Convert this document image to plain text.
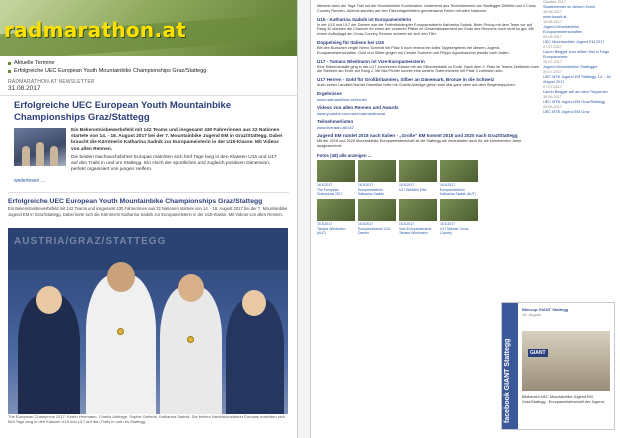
radmarathon.at
Aktuelle Termine
Erfolgreiche UEC European Youth Mountainbike Championships Graz/Stattegg
RADMARATHON.AT NEWSLETTER
31.08.2017
Erfolgreiche UEC European Youth Mountainbike Championships Graz/Stattegg
Ein Bekenntnisbewerbsfeld mit 142 Teams und insgesamt 430 Fahrerinnen aus 22 Nationen startete von 14. - 18. August 2017 bei der 7. Mountainbike Jugend EM in Graz/Stattegg. Dabei braucht die Kärntnerin Katharina Sadnik zur Europameisterin in der U15-Klasse. Mit Videos von allen Rennen.
Die beiden Nachwuchsfahrer Europas matchten sich fünf Tage lang in den Klassen U15 und U17 auf den Trails in und um Stattegg. Ein Hoch der sportlichen und zugleich positiven Dimension, perfekt organisiert von jungen Helfern.
weiterlesen ...
Erfolgreiche UEC European Youth Mountainbike Championships Graz/Stattegg
Ein Bekenntnisbewerbsfeld mit 142 Teams und insgesamt 430 Fahrerinnen aus 22 Nationen startete von 14. - 18. August 2017 bei der 7. Mountainbike Jugend EM in Graz/Stattegg. Dabei kürte sich die Kärntnerin Katharina Sadnik zur Europameisterin in der U15-Klasse. Mit Videos von allen Rennen.
AUSTRIA/GRAZ/STATTEGG
The European Champions 2017: Kerrin Herrmann, Charlie Aldridge, Sophie Gebens, Katharina Sadnik. Die beiden Nachwuchsfahrer Europas matchten sich fünf Tage lang in den Klassen U15 und U17 auf den Trails in und um Stattegg.
Mitverst dann der Tage Trail mit der Mountainbike Kombination, bestehend aus Technikbewerb am Stattegger Dirtfield und 4 Cross Country Rennen. Abends standen auf den Fahrerlagerfeldern gemeinsame Feiern mit allen Nationen.
U15 - Katharina Sadnik ist Europameisterin
In der U15 und U17 der Damen war der Freiheitskämpfer Europameisterin Katharina Sadnik. Beim Prolog mit dem Team vor auf Rang 32 standen die Chancen für einen der vorderen Plätze im Gesamtklassement am Ende des Rennens noch nicht so gut. Mit einem Aufholjagd am Cross Country Rennen sicherte sie sich den Titel.
Doppelsieg für Italiens bei U15
Bei den Burschen zeigte Nemo Schmidt mit Platz 6 noch einmal ein tolles Tagesergebnis bei diesem Jugend-Europameisterschaften. Gold und Silber gingen mit Cesare Sorbone und Filippo Agostinacchio jeweils nach Italien.
U17 - Tamara Wiedmann ist Vize-Europameisterin
Eine Silbermedaille ging in der U17 Juniorinnen Klasse mit der Silbermedaille zu Ende. Nach dem 2. Platz im Teams Zeitfahren kam die Steirerin am Ende auf Rang 2. Mit Mia Pichler konnte eine weitere Österreicherin mit Platz 3 zufrieden sein.
U17 Herren - Gold für Großbritannien, Silber an Dänemark, Bronze in die Schweiz
Auch seiner Landtitel Harriet Gamellan holte mit Charlie Aldridge gleich zwei Mal ganz oben auf dem Siegertreppchen.
Ergebnisse
www.radmarathon.at/results
Videos von allen Rennen und Awards
www.youtube.com/user/radmarathonat
Teilnehmerlisten
www.liveradio.at/142
Jugend EM rundet 2018 nach Italien - „Große“ EM kommt 2018 und 2020 nach Graz/Stattegg
Mit der 2018 und 2020 Mountainbike Europameisterschaft ist die Stattegg als Veranstalter auch für die kommenden Jahre ausgezeichnet.
Fotos (48) alle anzeigen ...
16.8.2017
The European Champions 2017
16.8.2017
Europameisterin Katharina Sadnik
16.8.2017
U17 Weiblich Elite
16.8.2017
Europameisterin Katharina Sadnik (AUT)
16.8.2017
Tamara Wiedmann (AUT)
16.8.2017
Europameisterin U15 Damen
16.8.2017
Vize-Europameisterin Tamara Wiedmann
16.8.2017
U17 Männer Cross Country
Oktober 2017
Staatsmeister zu diesem Event
16.08.2017
www.boaslt.at
16.08.2017
Jugend Mountainbike Europameisterschaften
09.08.2017
UEC Mountainbike Jugend EM 2017
27.07.2017
Laurin Bleggar zum dritten Mal in Folge Europameister
26.07.2017
Jugend Mountainbike Stattegger
20.07.2017
UEC MTB Jugend EM Stattegg, 14. - 18. August 2017
07.07.2017
Laurin Bleggar will am dem Treppchen
30.06.2017
UEC MTB Jugend EM Graz/Stattegg
24.06.2017
UEC MTB Jugend EM Graz
facebook GIANT Stattegg
Bikecup GIANT Stattegg
16. August
GIANT
Bildbericht UEC Mountainbike Jugend EM Graz/Stattegg - Europameisterschaft der Jugend.
